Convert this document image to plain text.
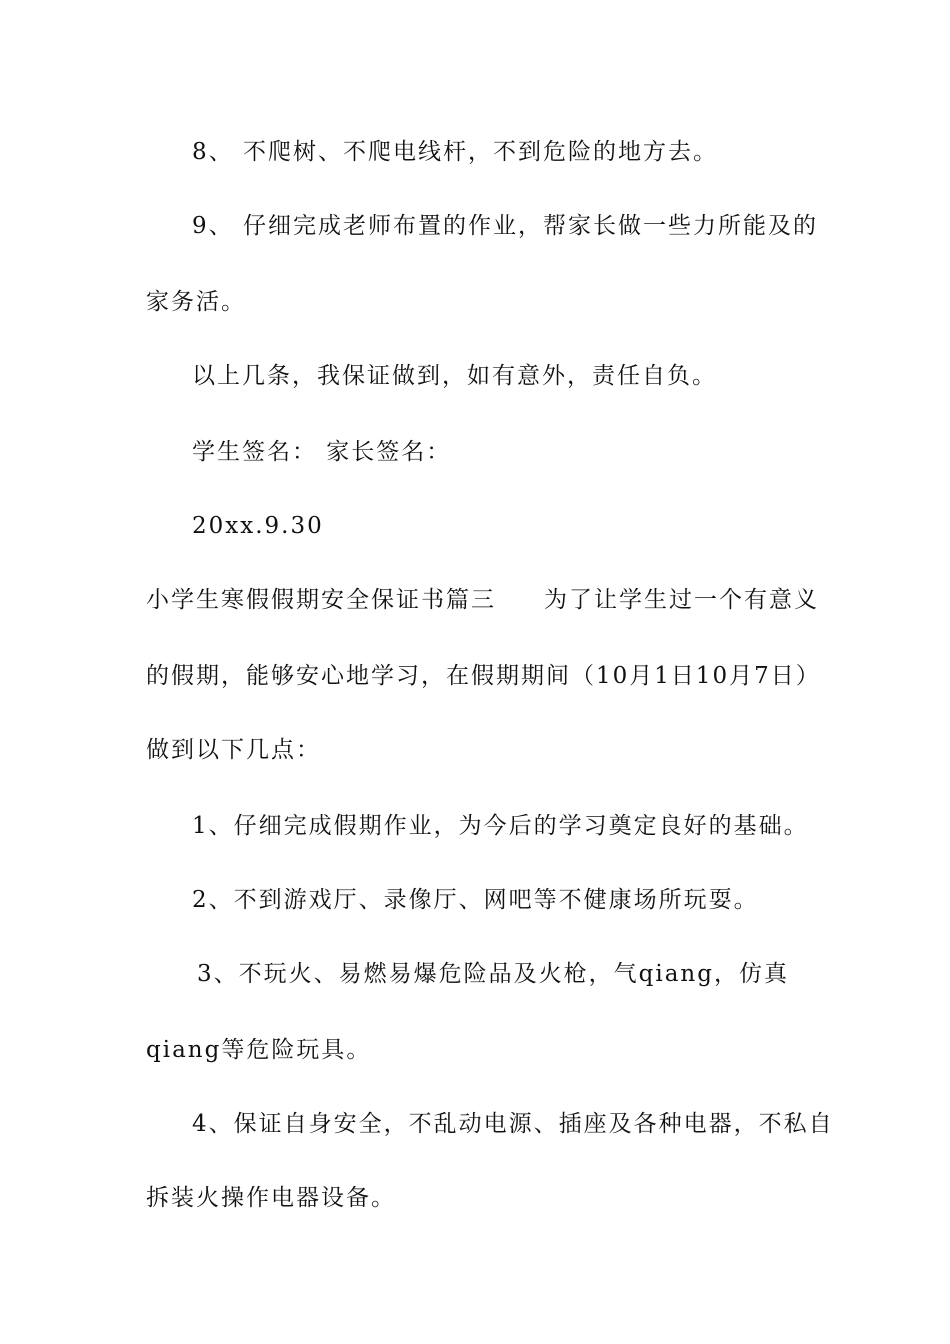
8、 不爬树、不爬电线杆，不到危险的地方去。
9、 仔细完成老师布置的作业，帮家长做一些力所能及的
家务活。
以上几条，我保证做到，如有意外，责任自负。
学生签名： 家长签名：
20xx.9.30
小学生寒假假期安全保证书篇三 为了让学生过一个有意义
的假期，能够安心地学习，在假期期间（10月1日10月7日）
做到以下几点：
1、仔细完成假期作业，为今后的学习奠定良好的基础。
2、不到游戏厅、录像厅、网吧等不健康场所玩耍。
3、不玩火、易燃易爆危险品及火枪，气qiang，仿真
qiang等危险玩具。
4、保证自身安全，不乱动电源、插座及各种电器，不私自
拆装火操作电器设备。
